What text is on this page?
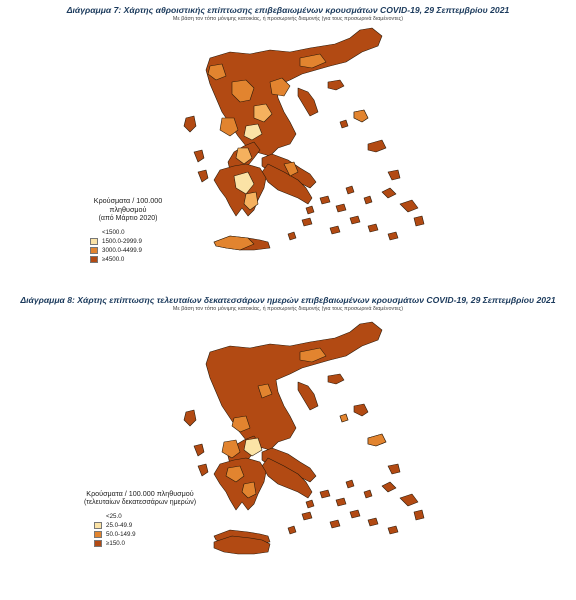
Διάγραμμα 7: Χάρτης αθροιστικής επίπτωσης επιβεβαιωμένων κρουσμάτων COVID-19, 29 Σεπτεμβρίου 2021
Με βάση τον τόπο μόνιμης κατοικίας, ή προσωρινής διαμονής (για τους προσωρινά διαμένοντες)
Κρούσματα / 100.000 πληθυσμού
(από Μάρτιο 2020)
<1500.0
1500.0-2999.9
3000.0-4499.9
≥4500.0
Διάγραμμα 8: Χάρτης επίπτωσης τελευταίων δεκατεσσάρων ημερών επιβεβαιωμένων κρουσμάτων COVID-19, 29 Σεπτεμβρίου 2021
Με βάση τον τόπο μόνιμης κατοικίας, ή προσωρινής διαμονής (για τους προσωρινά διαμένοντες)
Κρούσματα / 100.000 πληθυσμού
(τελευταίων δεκατεσσάρων ημερών)
<25.0
25.0-49.9
50.0-149.9
≥150.0
